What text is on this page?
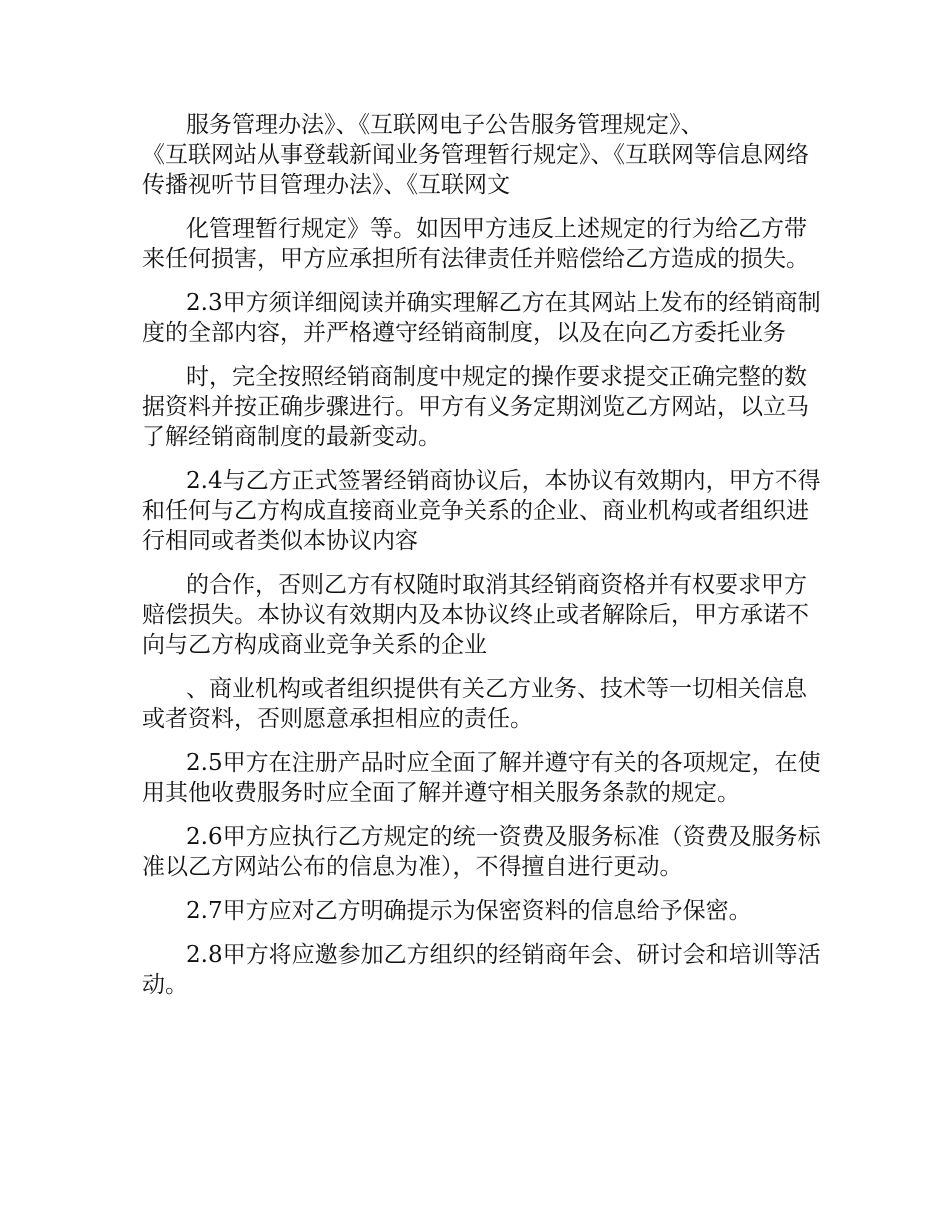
服务管理办法》、《互联网电子公告服务管理规定》、
《互联网站从事登载新闻业务管理暂行规定》、《互联网等信息网络传播视听节目管理办法》、《互联网文

化管理暂行规定》等。如因甲方违反上述规定的行为给乙方带来任何损害，甲方应承担所有法律责任并赔偿给乙方造成的损失。

2.3甲方须详细阅读并确实理解乙方在其网站上发布的经销商制度的全部内容，并严格遵守经销商制度，以及在向乙方委托业务

时，完全按照经销商制度中规定的操作要求提交正确完整的数据资料并按正确步骤进行。甲方有义务定期浏览乙方网站，以立马了解经销商制度的最新变动。

2.4与乙方正式签署经销商协议后，本协议有效期内，甲方不得和任何与乙方构成直接商业竞争关系的企业、商业机构或者组织进行相同或者类似本协议内容

的合作，否则乙方有权随时取消其经销商资格并有权要求甲方赔偿损失。本协议有效期内及本协议终止或者解除后，甲方承诺不向与乙方构成商业竞争关系的企业

、商业机构或者组织提供有关乙方业务、技术等一切相关信息或者资料，否则愿意承担相应的责任。

2.5甲方在注册产品时应全面了解并遵守有关的各项规定，在使用其他收费服务时应全面了解并遵守相关服务条款的规定。

2.6甲方应执行乙方规定的统一资费及服务标准（资费及服务标准以乙方网站公布的信息为准），不得擅自进行更动。

2.7甲方应对乙方明确提示为保密资料的信息给予保密。

2.8甲方将应邀参加乙方组织的经销商年会、研讨会和培训等活动。
